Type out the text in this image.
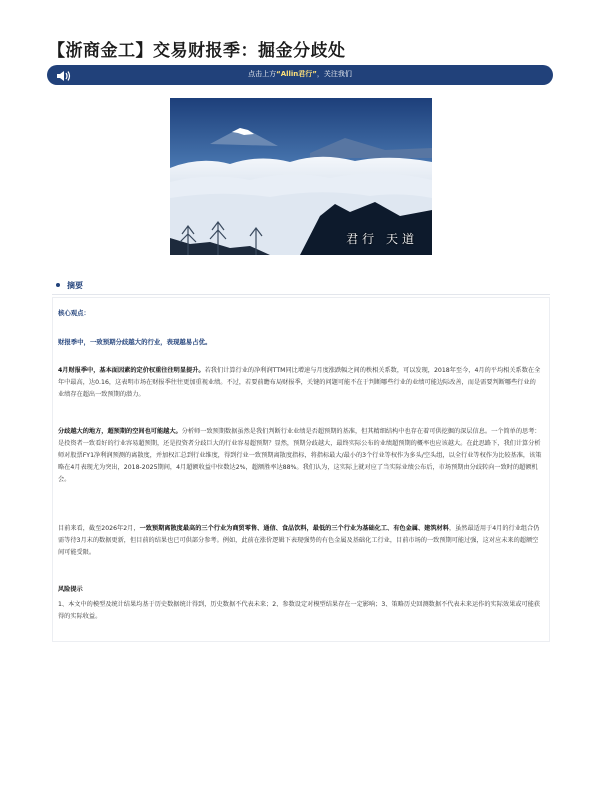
【浙商金工】交易财报季：掘金分歧处
点击上方“Allin君行”，关注我们
君行 天道
摘要
核心观点：
财报季中，一致预期分歧越大的行业，表现越易占优。
4月财报季中，基本面因素的定价权重往往明显提升。若我们计算行业的净利润TTM同比增速与月度涨跌幅之间的秩相关系数，可以发现，2018年至今，4月的平均相关系数在全年中最高，达0.16，这表明市场在财报季往往更加重视业绩。不过，若要前瞻布局财报季，关键的问题可能不在于判断哪些行业的业绩可能边际改善，而是需要判断哪些行业的业绩存在超出一致预期的潜力。
分歧越大的地方，超预期的空间也可能越大。分析师一致预期数据虽然是我们判断行业业绩是否超预期的基准，但其精细结构中也存在着可供挖掘的深层信息。一个简单的思考：是投资者一致看好的行业容易超预期，还是投资者分歧巨大的行业容易超预期？显然，预期分歧越大，最终实际公布的业绩超预期的概率也应该越大。在此思路下，我们计算分析师对股票FY1净利润预测的离散度，并加权汇总到行业维度，得到行业一致预期离散度指标，将指标最大/最小的3个行业等权作为多头/空头组，以全行业等权作为比较基准，该策略在4月表现尤为突出，2018-2025期间，4月超额收益中位数达2%，超额胜率达88%。我们认为，这实际上就对应了当实际业绩公布后，市场预期由分歧转向一致时的超额机会。
目前来看，截至2026年2月，一致预期离散度最高的三个行业为商贸零售、通信、食品饮料，最低的三个行业为基础化工、有色金属、建筑材料，虽然最适用于4月的行业组合仍需等待3月末的数据更新，但目前的结果也已可供部分参考。例如，此前在涨价逻辑下表现强势的有色金属及基础化工行业，目前市场的一致预期可能过强，这对应未来的超额空间可能受限。
风险提示
1、本文中的模型及统计结果均基于历史数据统计得到，历史数据不代表未来；2、参数设定对模型结果存在一定影响；3、策略历史回测数据不代表未来运作的实际效果或可能获得的实际收益。
